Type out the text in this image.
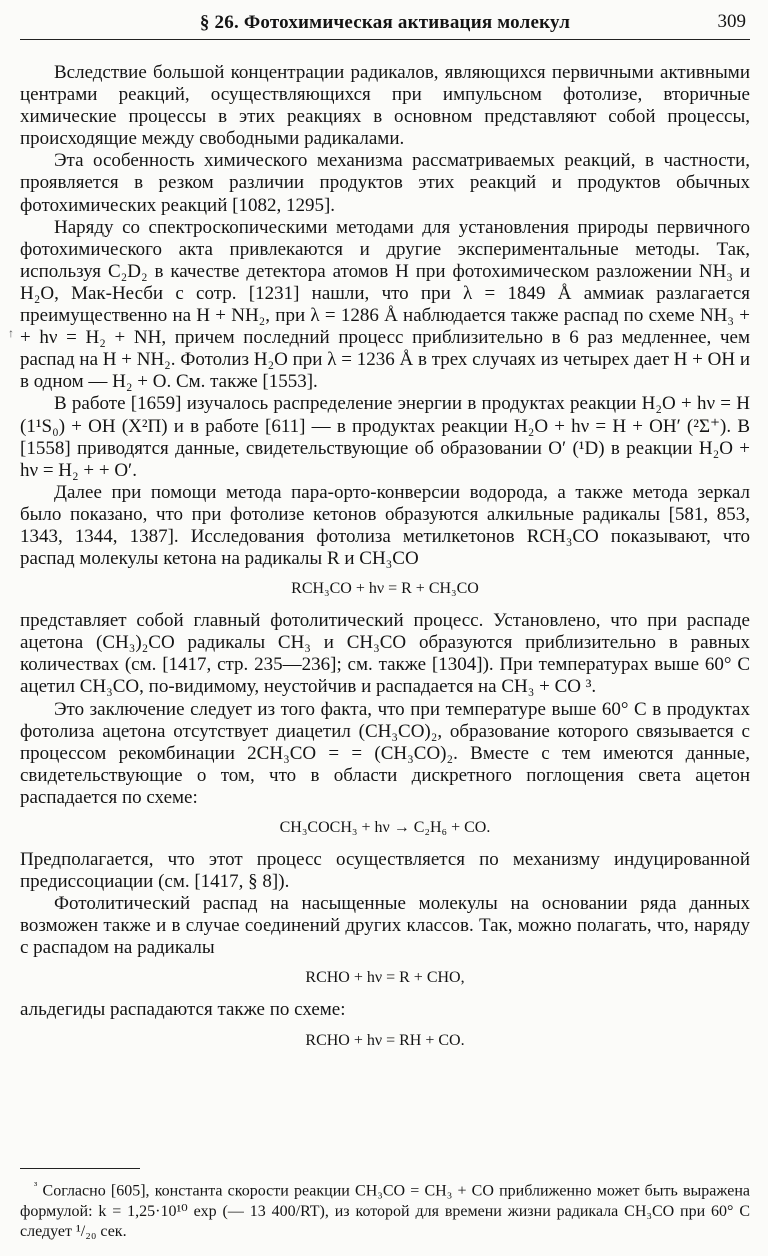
§ 26. Фотохимическая активация молекул	309
↑

Вследствие большой концентрации радикалов, являющихся первичными активными центрами реакций, осуществляющихся при импульсном фотолизе, вторичные химические процессы в этих реакциях в основном представляют собой процессы, происходящие между свободными радикалами.

Эта особенность химического механизма рассматриваемых реакций, в частности, проявляется в резком различии продуктов этих реакций и продуктов обычных фотохимических реакций [1082, 1295].

Наряду со спектроскопическими методами для установления природы первичного фотохимического акта привлекаются и другие экспериментальные методы. Так, используя C₂D₂ в качестве детектора атомов H при фотохимическом разложении NH₃ и H₂O, Мак-Несби с сотр. [1231] нашли, что при λ = 1849 Å аммиак разлагается преимущественно на H + NH₂, при λ = 1286 Å наблюдается также распад по схеме NH₃ + + hν = H₂ + NH, причем последний процесс приблизительно в 6 раз медленнее, чем распад на H + NH₂. Фотолиз H₂O при λ = 1236 Å в трех случаях из четырех дает H + OH и в одном — H₂ + O. См. также [1553].

В работе [1659] изучалось распределение энергии в продуктах реакции H₂O + hν = H (1¹S₀) + OH (X²Π) и в работе [611] — в продуктах реакции H₂O + hν = H + OH′ (²Σ⁺). В [1558] приводятся данные, свидетельствующие об образовании O′ (¹D) в реакции H₂O + hν = H₂ + + O′.

Далее при помощи метода пара-орто-конверсии водорода, а также метода зеркал было показано, что при фотолизе кетонов образуются алкильные радикалы [581, 853, 1343, 1344, 1387]. Исследования фотолиза метилкетонов RCH₃CO показывают, что распад молекулы кетона на радикалы R и CH₃CO

RCH₃CO + hν = R + CH₃CO

представляет собой главный фотолитический процесс. Установлено, что при распаде ацетона (CH₃)₂CO радикалы CH₃ и CH₃CO образуются приблизительно в равных количествах (см. [1417, стр. 235—236]; см. также [1304]). При температурах выше 60° C ацетил CH₃CO, по-видимому, неустойчив и распадается на CH₃ + CO ³.

Это заключение следует из того факта, что при температуре выше 60° C в продуктах фотолиза ацетона отсутствует диацетил (CH₃CO)₂, образование которого связывается с процессом рекомбинации 2CH₃CO = = (CH₃CO)₂. Вместе с тем имеются данные, свидетельствующие о том, что в области дискретного поглощения света ацетон распадается по схеме:

CH₃COCH₃ + hν → C₂H₆ + CO.

Предполагается, что этот процесс осуществляется по механизму индуцированной предиссоциации (см. [1417, § 8]).

Фотолитический распад на насыщенные молекулы на основании ряда данных возможен также и в случае соединений других классов. Так, можно полагать, что, наряду с распадом на радикалы

RCHO + hν = R + CHO,

альдегиды распадаются также по схеме:

RCHO + hν = RH + CO.
$^{^3}$ Согласно [605], константа скорости реакции CH₃CO = CH₃ + CO приближенно может быть выражена формулой: k = 1,25·10¹⁰ exp (— 13 400/RT), из которой для времени жизни радикала CH₃CO при 60° C следует ¹/₂₀ сек.
